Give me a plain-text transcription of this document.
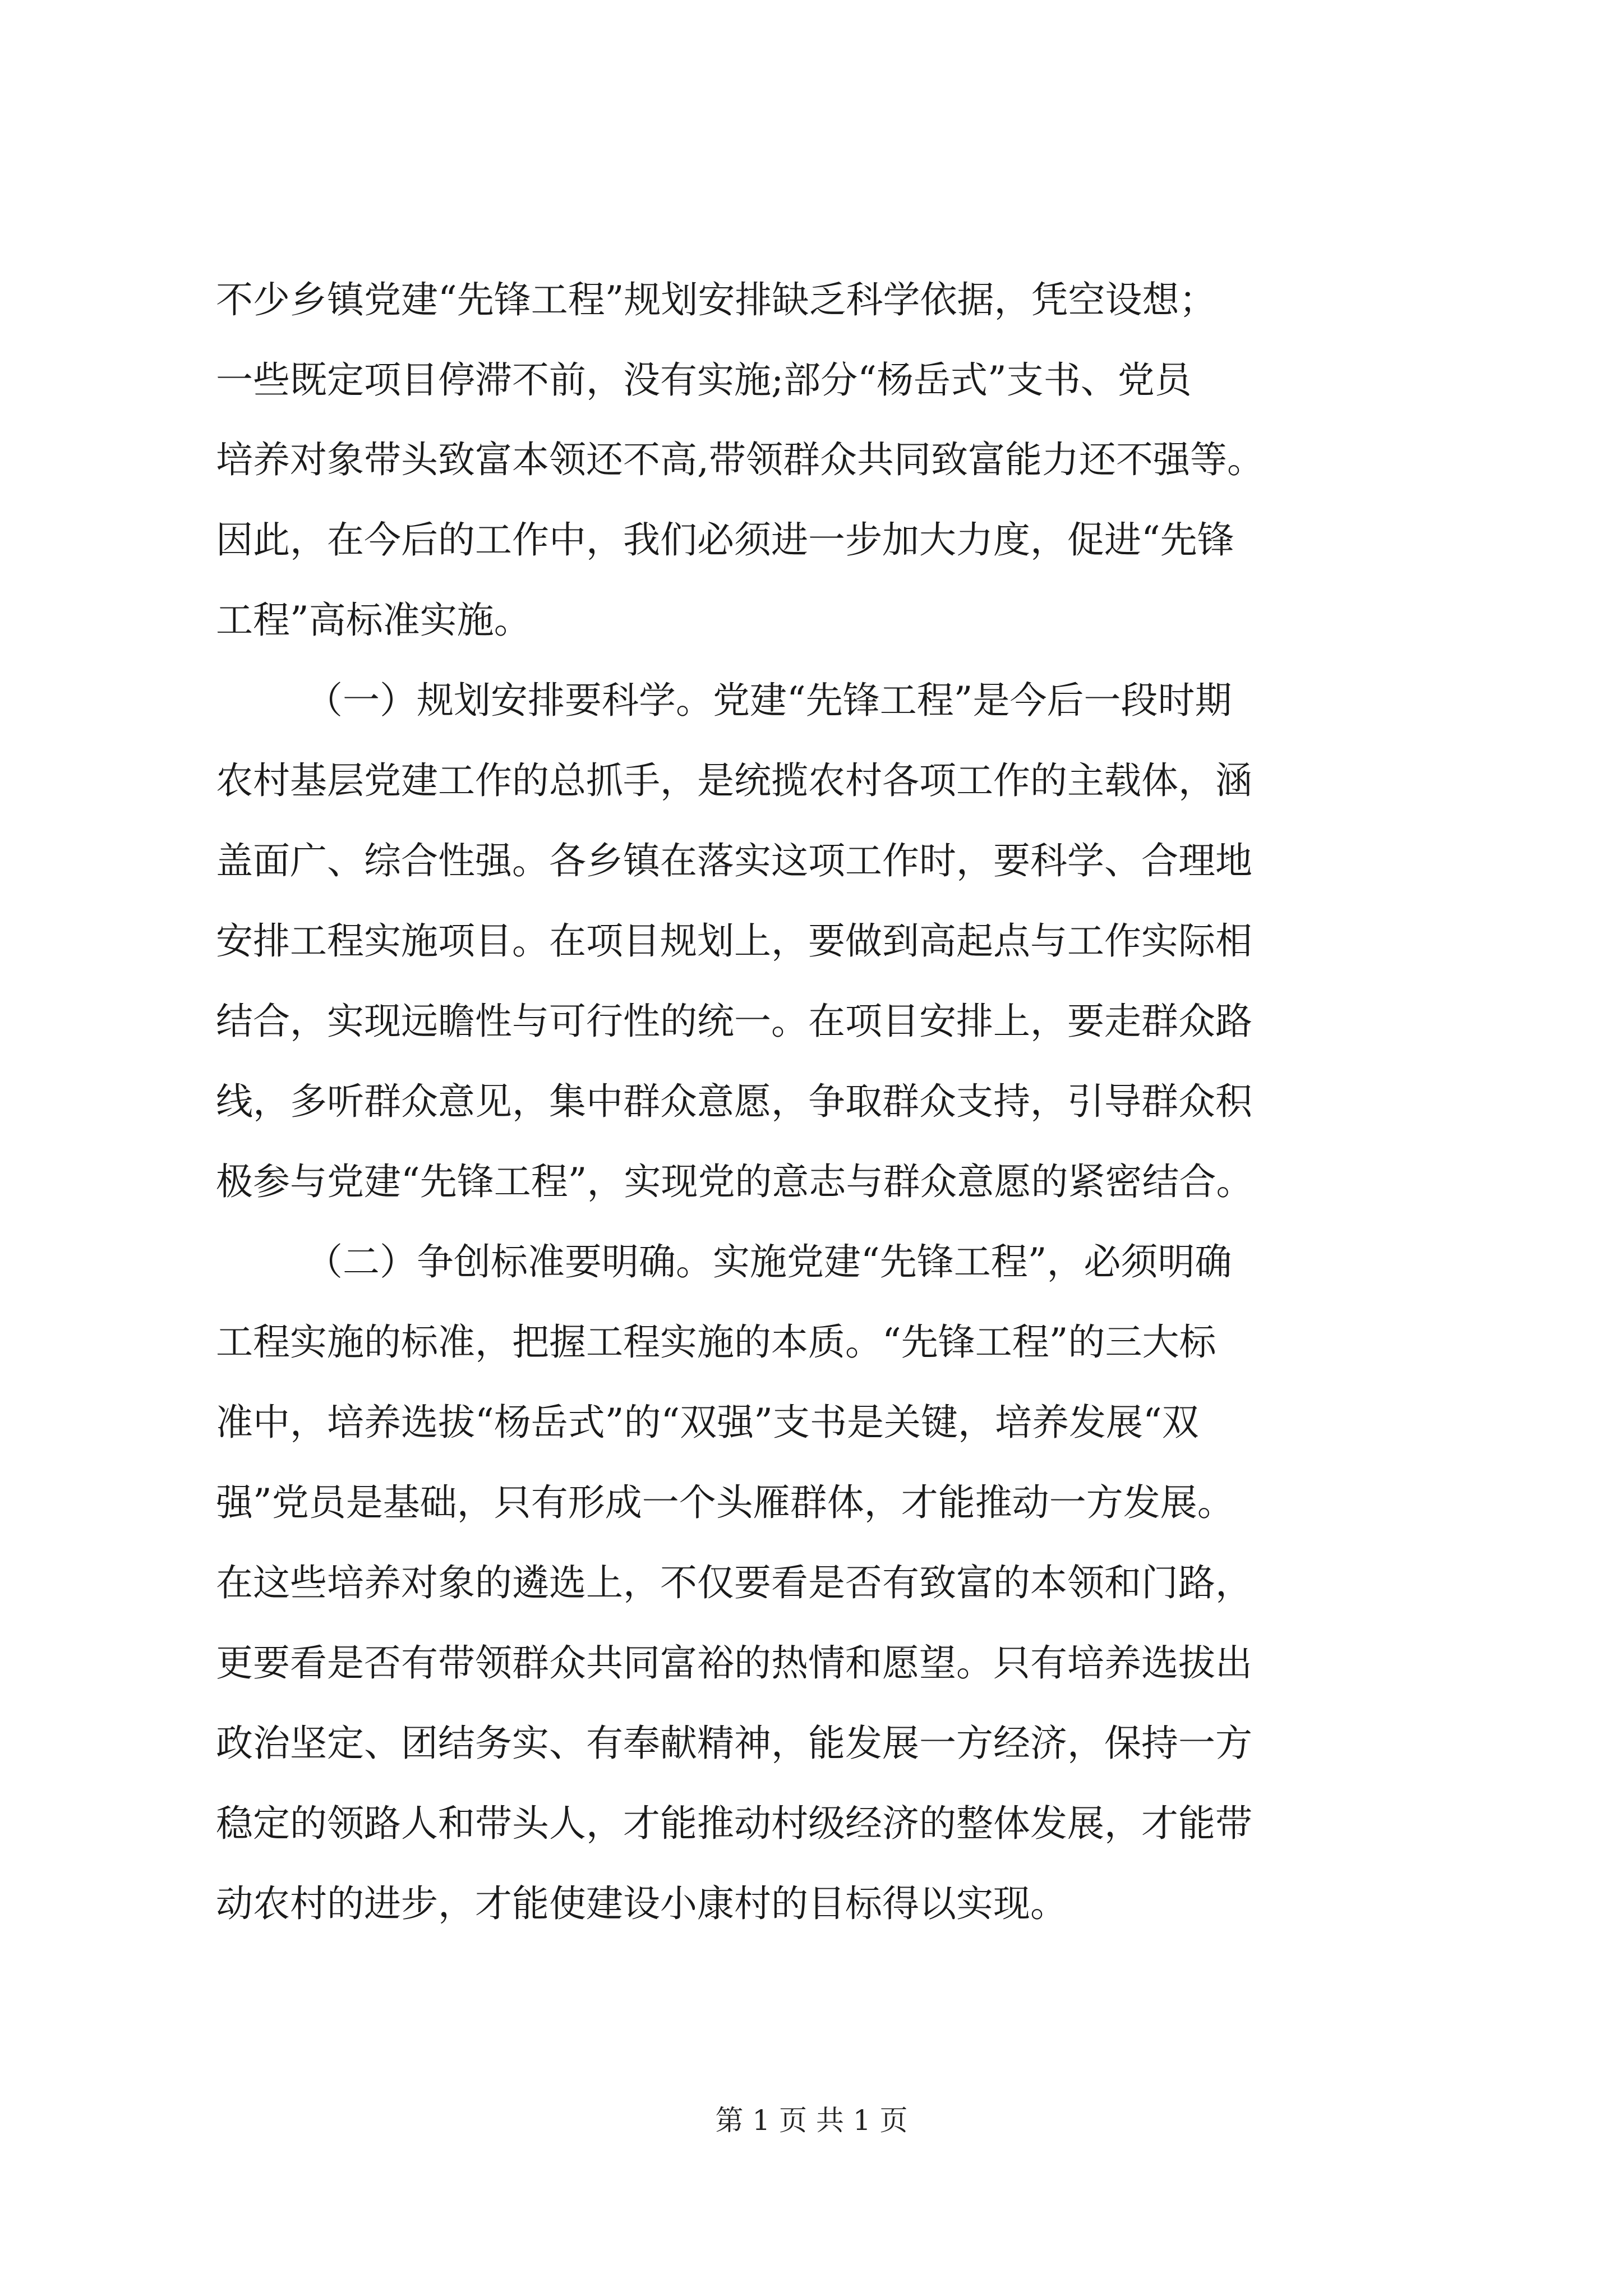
不少乡镇党建“先锋工程”规划安排缺乏科学依据，凭空设想；
一些既定项目停滞不前，没有实施;部分“杨岳式”支书、党员
培养对象带头致富本领还不高,带领群众共同致富能力还不强等。
因此，在今后的工作中，我们必须进一步加大力度，促进“先锋
工程”高标准实施。
（一）规划安排要科学。党建“先锋工程”是今后一段时期
农村基层党建工作的总抓手，是统揽农村各项工作的主载体，涵
盖面广、综合性强。各乡镇在落实这项工作时，要科学、合理地
安排工程实施项目。在项目规划上，要做到高起点与工作实际相
结合，实现远瞻性与可行性的统一。在项目安排上，要走群众路
线，多听群众意见，集中群众意愿，争取群众支持，引导群众积
极参与党建“先锋工程”，实现党的意志与群众意愿的紧密结合。
（二）争创标准要明确。实施党建“先锋工程”，必须明确
工程实施的标准，把握工程实施的本质。“先锋工程”的三大标
准中，培养选拔“杨岳式”的“双强”支书是关键，培养发展“双
强”党员是基础，只有形成一个头雁群体，才能推动一方发展。
在这些培养对象的遴选上，不仅要看是否有致富的本领和门路，
更要看是否有带领群众共同富裕的热情和愿望。只有培养选拔出
政治坚定、团结务实、有奉献精神，能发展一方经济，保持一方
稳定的领路人和带头人，才能推动村级经济的整体发展，才能带
动农村的进步，才能使建设小康村的目标得以实现。
第 1 页 共 1 页
